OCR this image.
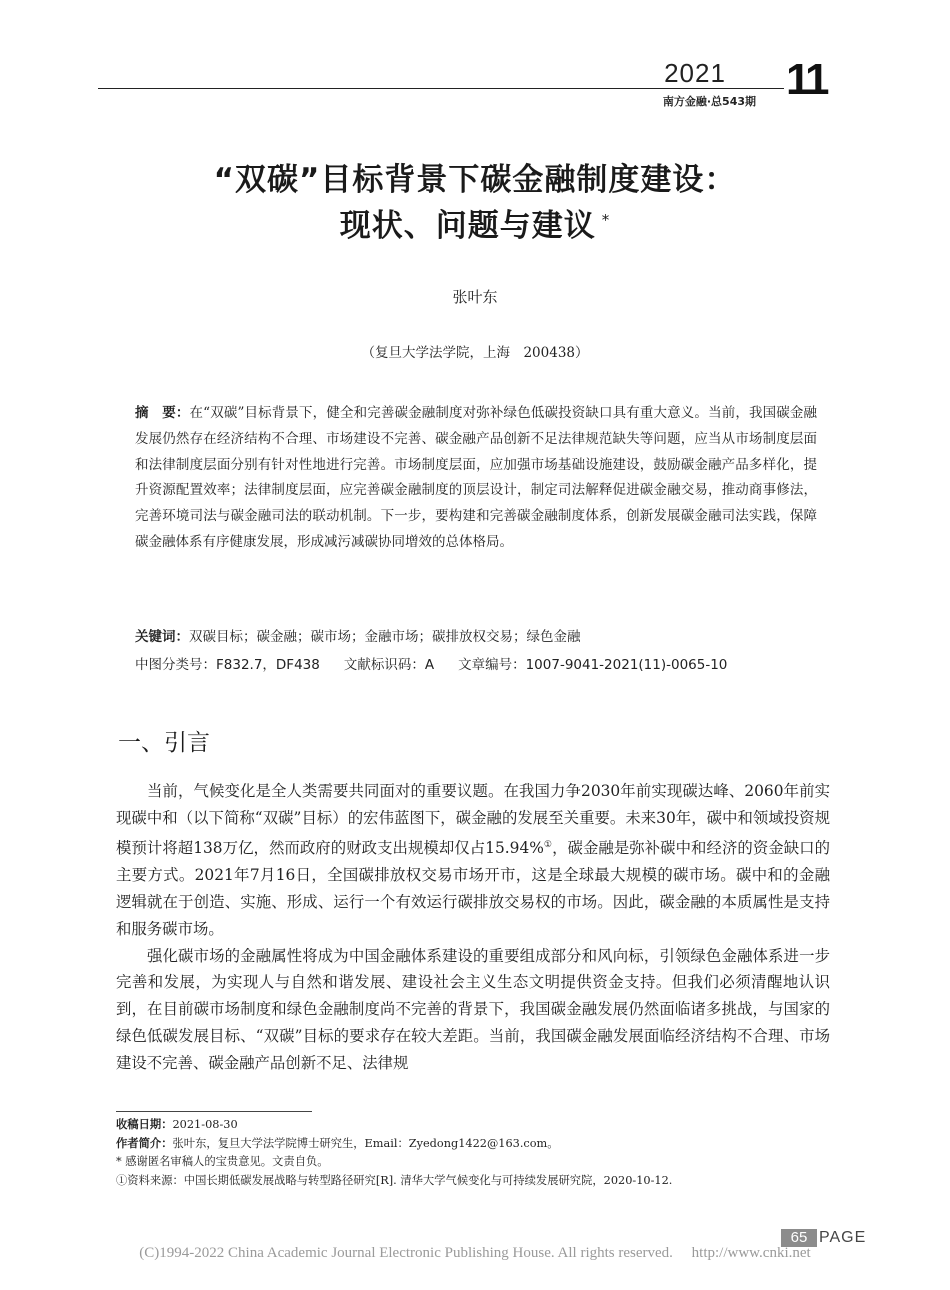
2021	11
南方金融·总543期
“双碳”目标背景下碳金融制度建设：
现状、问题与建议 *
张叶东
（复旦大学法学院，上海　200438）
摘　要：在“双碳”目标背景下，健全和完善碳金融制度对弥补绿色低碳投资缺口具有重大意义。当前，我国碳金融发展仍然存在经济结构不合理、市场建设不完善、碳金融产品创新不足法律规范缺失等问题，应当从市场制度层面和法律制度层面分别有针对性地进行完善。市场制度层面，应加强市场基础设施建设，鼓励碳金融产品多样化，提升资源配置效率；法律制度层面，应完善碳金融制度的顶层设计，制定司法解释促进碳金融交易，推动商事修法，完善环境司法与碳金融司法的联动机制。下一步，要构建和完善碳金融制度体系，创新发展碳金融司法实践，保障碳金融体系有序健康发展，形成减污减碳协同增效的总体格局。
关键词：双碳目标；碳金融；碳市场；金融市场；碳排放权交易；绿色金融
中图分类号：F832.7，DF438 文献标识码：A 文章编号：1007-9041-2021(11)-0065-10
一、引言

当前，气候变化是全人类需要共同面对的重要议题。在我国力争2030年前实现碳达峰、2060年前实现碳中和（以下简称“双碳”目标）的宏伟蓝图下，碳金融的发展至关重要。未来30年，碳中和领域投资规模预计将超138万亿，然而政府的财政支出规模却仅占15.94%①，碳金融是弥补碳中和经济的资金缺口的主要方式。2021年7月16日，全国碳排放权交易市场开市，这是全球最大规模的碳市场。碳中和的金融逻辑就在于创造、实施、形成、运行一个有效运行碳排放交易权的市场。因此，碳金融的本质属性是支持和服务碳市场。

强化碳市场的金融属性将成为中国金融体系建设的重要组成部分和风向标，引领绿色金融体系进一步完善和发展，为实现人与自然和谐发展、建设社会主义生态文明提供资金支持。但我们必须清醒地认识到，在目前碳市场制度和绿色金融制度尚不完善的背景下，我国碳金融发展仍然面临诸多挑战，与国家的绿色低碳发展目标、“双碳”目标的要求存在较大差距。当前，我国碳金融发展面临经济结构不合理、市场建设不完善、碳金融产品创新不足、法律规

收稿日期：2021-08-30
作者简介：张叶东，复旦大学法学院博士研究生，Email：Zyedong1422@163.com。
* 感谢匿名审稿人的宝贵意见。文责自负。
①资料来源：中国长期低碳发展战略与转型路径研究[R]. 清华大学气候变化与可持续发展研究院，2020-10-12.
65 PAGE
(C)1994-2022 China Academic Journal Electronic Publishing House. All rights reserved.　 http://www.cnki.net
